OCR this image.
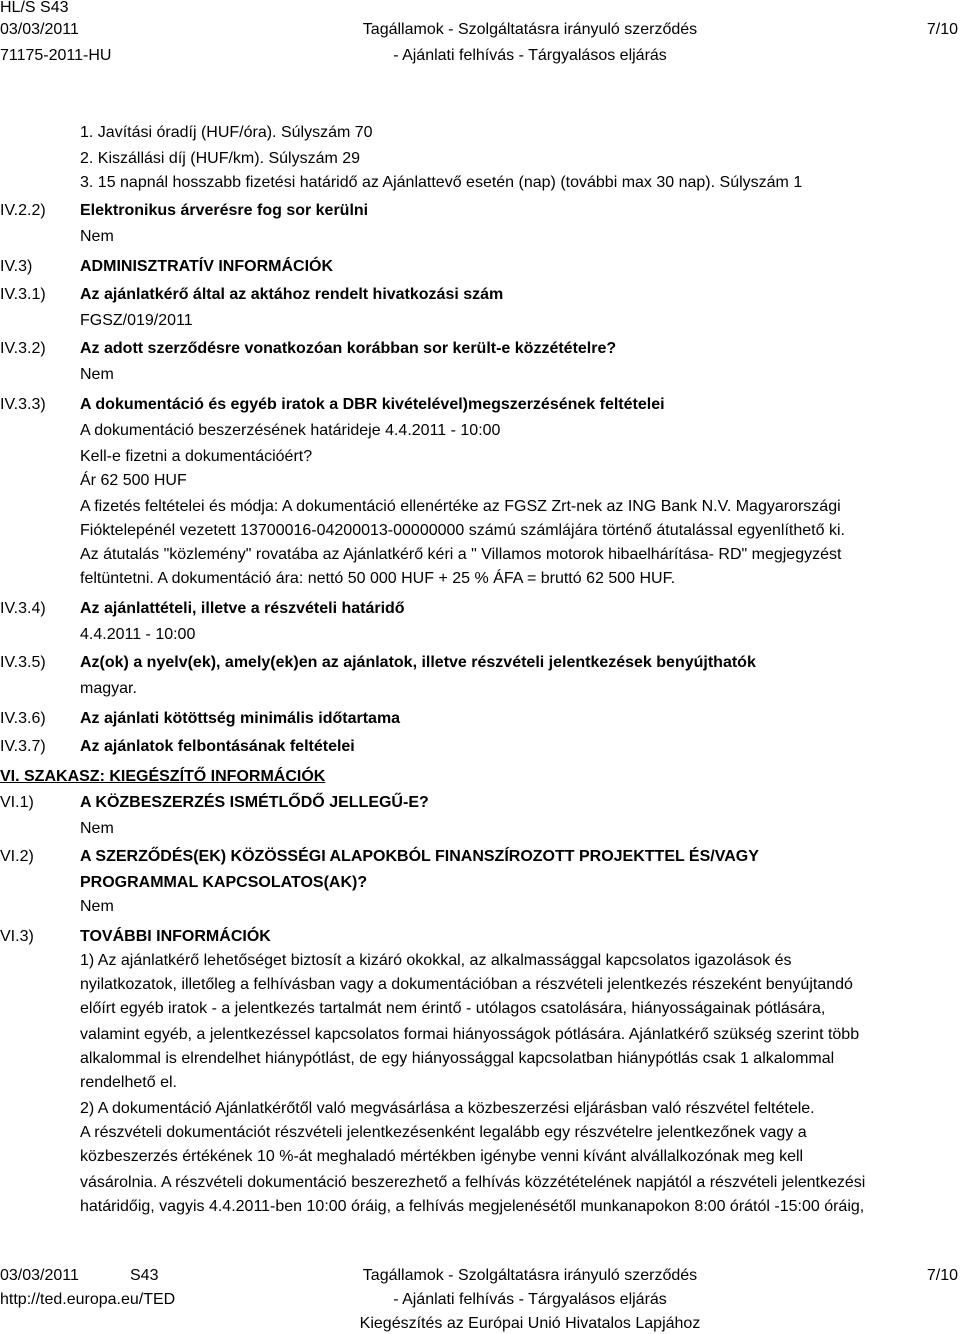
HL/S S43
03/03/2011
71175-2011-HU
Tagállamok - Szolgáltatásra irányuló szerződés
- Ajánlati felhívás - Tárgyalásos eljárás
7/10
1. Javítási óradíj (HUF/óra). Súlyszám 70
2. Kiszállási díj (HUF/km). Súlyszám 29
3. 15 napnál hosszabb fizetési határidő az Ajánlattevő esetén (nap) (további max 30 nap). Súlyszám 1
IV.2.2)	Elektronikus árverésre fog sor kerülni
Nem
IV.3)	ADMINISZTRATÍV INFORMÁCIÓK
IV.3.1)	Az ajánlatkérő által az aktához rendelt hivatkozási szám
FGSZ/019/2011
IV.3.2)	Az adott szerződésre vonatkozóan korábban sor került-e közzétételre?
Nem
IV.3.3)	A dokumentáció és egyéb iratok a DBR kivételével)megszerzésének feltételei
A dokumentáció beszerzésének határideje 4.4.2011 - 10:00
Kell-e fizetni a dokumentációért?
Ár 62 500 HUF
A fizetés feltételei és módja: A dokumentáció ellenértéke az FGSZ Zrt-nek az ING Bank N.V. Magyarországi
Fióktelepénél vezetett 13700016-04200013-00000000 számú számlájára történő átutalással egyenlíthető ki.
Az átutalás "közlemény" rovatába az Ajánlatkérő kéri a " Villamos motorok hibaelhárítása- RD" megjegyzést
feltüntetni. A dokumentáció ára: nettó 50 000 HUF + 25 % ÁFA = bruttó 62 500 HUF.
IV.3.4)	Az ajánlattételi, illetve a részvételi határidő
4.4.2011 - 10:00
IV.3.5)	Az(ok) a nyelv(ek), amely(ek)en az ajánlatok, illetve részvételi jelentkezések benyújthatók
magyar.
IV.3.6)	Az ajánlati kötöttség minimális időtartama
IV.3.7)	Az ajánlatok felbontásának feltételei
VI. SZAKASZ: KIEGÉSZÍTŐ INFORMÁCIÓK
VI.1)	A KÖZBESZERZÉS ISMÉTLŐDŐ JELLEGŰ-E?
Nem
VI.2)	A SZERZŐDÉS(EK) KÖZÖSSÉGI ALAPOKBÓL FINANSZÍROZOTT PROJEKTTEL ÉS/VAGY
PROGRAMMAL KAPCSOLATOS(AK)?
Nem
VI.3)	TOVÁBBI INFORMÁCIÓK
1) Az ajánlatkérő lehetőséget biztosít a kizáró okokkal, az alkalmassággal kapcsolatos igazolások és
nyilatkozatok, illetőleg a felhívásban vagy a dokumentációban a részvételi jelentkezés részeként benyújtandó
előírt egyéb iratok - a jelentkezés tartalmát nem érintő - utólagos csatolására, hiányosságainak pótlására,
valamint egyéb, a jelentkezéssel kapcsolatos formai hiányosságok pótlására. Ajánlatkérő szükség szerint több
alkalommal is elrendelhet hiánypótlást, de egy hiányossággal kapcsolatban hiánypótlás csak 1 alkalommal
rendelhető el.
2) A dokumentáció Ajánlatkérőtől való megvásárlása a közbeszerzési eljárásban való részvétel feltétele.
A részvételi dokumentációt részvételi jelentkezésenként legalább egy részvételre jelentkezőnek vagy a
közbeszerzés értékének 10 %-át meghaladó mértékben igénybe venni kívánt alvállalkozónak meg kell
vásárolnia. A részvételi dokumentáció beszerezhető a felhívás közzétételének napjától a részvételi jelentkezési
határidőig, vagyis 4.4.2011-ben 10:00 óráig, a felhívás megjelenésétől munkanapokon 8:00 órától -15:00 óráig,
03/03/2011	S43
http://ted.europa.eu/TED
Tagállamok - Szolgáltatásra irányuló szerződés
- Ajánlati felhívás - Tárgyalásos eljárás
Kiegészítés az Európai Unió Hivatalos Lapjához
7/10
